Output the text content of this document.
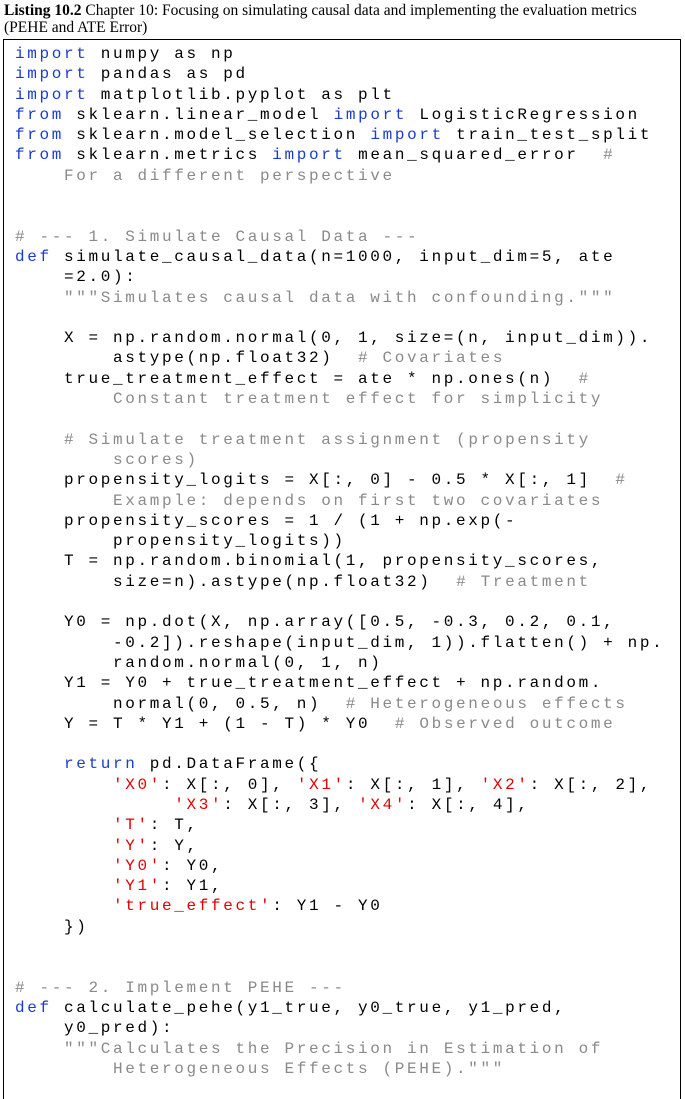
Listing 10.2 Chapter 10: Focusing on simulating causal data and implementing the evaluation metrics (PEHE and ATE Error)
import numpy as np
import pandas as pd
import matplotlib.pyplot as plt
from sklearn.linear_model import LogisticRegression
from sklearn.model_selection import train_test_split
from sklearn.metrics import mean_squared_error  #
For a different perspective
# --- 1. Simulate Causal Data ---
def simulate_causal_data(n=1000, input_dim=5, ate
=2.0):
"""Simulates causal data with confounding."""
X = np.random.normal(0, 1, size=(n, input_dim)).
astype(np.float32)  # Covariates
true_treatment_effect = ate * np.ones(n)  #
Constant treatment effect for simplicity
# Simulate treatment assignment (propensity
scores)
propensity_logits = X[:, 0] - 0.5 * X[:, 1]  #
Example: depends on first two covariates
propensity_scores = 1 / (1 + np.exp(-
propensity_logits))
T = np.random.binomial(1, propensity_scores,
size=n).astype(np.float32)  # Treatment
Y0 = np.dot(X, np.array([0.5, -0.3, 0.2, 0.1,
-0.2]).reshape(input_dim, 1)).flatten() + np.
random.normal(0, 1, n)
Y1 = Y0 + true_treatment_effect + np.random.
normal(0, 0.5, n)  # Heterogeneous effects
Y = T * Y1 + (1 - T) * Y0  # Observed outcome
return pd.DataFrame({
'X0': X[:, 0], 'X1': X[:, 1], 'X2': X[:, 2],
'X3': X[:, 3], 'X4': X[:, 4],
'T': T,
'Y': Y,
'Y0': Y0,
'Y1': Y1,
'true_effect': Y1 - Y0
})
# --- 2. Implement PEHE ---
def calculate_pehe(y1_true, y0_true, y1_pred,
y0_pred):
"""Calculates the Precision in Estimation of
Heterogeneous Effects (PEHE)."""
